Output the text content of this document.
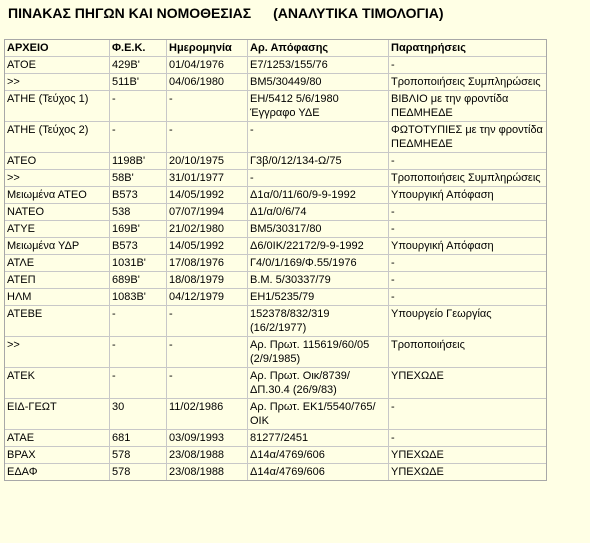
ΠΙΝΑΚΑΣ ΠΗΓΩΝ ΚΑΙ ΝΟΜΟΘΕΣΙΑΣ (ΑΝΑΛΥΤΙΚΑ ΤΙΜΟΛΟΓΙΑ)
ΑΡΧΕΙΟ	Φ.Ε.Κ.	Ημερομηνία	Αρ. Απόφασης	Παρατηρήσεις
ΑΤΟΕ	429Β'	01/04/1976	Ε7/1253/155/76	-
>>	511Β'	04/06/1980	ΒΜ5/30449/80	Τροποποιήσεις Συμπληρώσεις
ΑΤΗΕ (Τεύχος 1)	-	-	ΕΗ/5412 5/6/1980 Έγγραφο ΥΔΕ	ΒΙΒΛΙΟ με την φροντίδα ΠΕΔΜΗΕΔΕ
ΑΤΗΕ (Τεύχος 2)	-	-	-	ΦΩΤΟΤΥΠΙΕΣ με την φροντίδα ΠΕΔΜΗΕΔΕ
ΑΤΕΟ	1198Β'	20/10/1975	Γ3β/0/12/134-Ω/75	-
>>	58Β'	31/01/1977	-	Τροποποιήσεις Συμπληρώσεις
Μειωμένα ΑΤΕΟ	Β573	14/05/1992	Δ1α/0/11/60/9-9-1992	Υπουργική Απόφαση
ΝΑΤΕΟ	538	07/07/1994	Δ1/α/0/6/74	-
ΑΤΥΕ	169Β'	21/02/1980	ΒΜ5/30317/80	-
Μειωμένα ΥΔΡ	Β573	14/05/1992	Δ6/0ΙΚ/22172/9-9-1992	Υπουργική Απόφαση
ΑΤΛΕ	1031Β'	17/08/1976	Γ4/0/1/169/Φ.55/1976	-
ΑΤΕΠ	689Β'	18/08/1979	Β.Μ. 5/30337/79	-
ΗΛΜ	1083Β'	04/12/1979	ΕΗ1/5235/79	-
ΑΤΕΒΕ	-	-	152378/832/319 (16/2/1977)	Υπουργείο Γεωργίας
>>	-	-	Αρ. Πρωτ. 115619/60/05 (2/9/1985)	Τροποποιήσεις
ΑΤΕΚ	-	-	Αρ. Πρωτ. Οικ/8739/ΔΠ.30.4 (26/9/83)	ΥΠΕΧΩΔΕ
ΕΙΔ-ΓΕΩΤ	30	11/02/1986	Αρ. Πρωτ. ΕΚ1/5540/765/ΟΙΚ	-
ΑΤΑΕ	681	03/09/1993	81277/2451	-
ΒΡΑΧ	578	23/08/1988	Δ14α/4769/606	ΥΠΕΧΩΔΕ
ΕΔΑΦ	578	23/08/1988	Δ14α/4769/606	ΥΠΕΧΩΔΕ
